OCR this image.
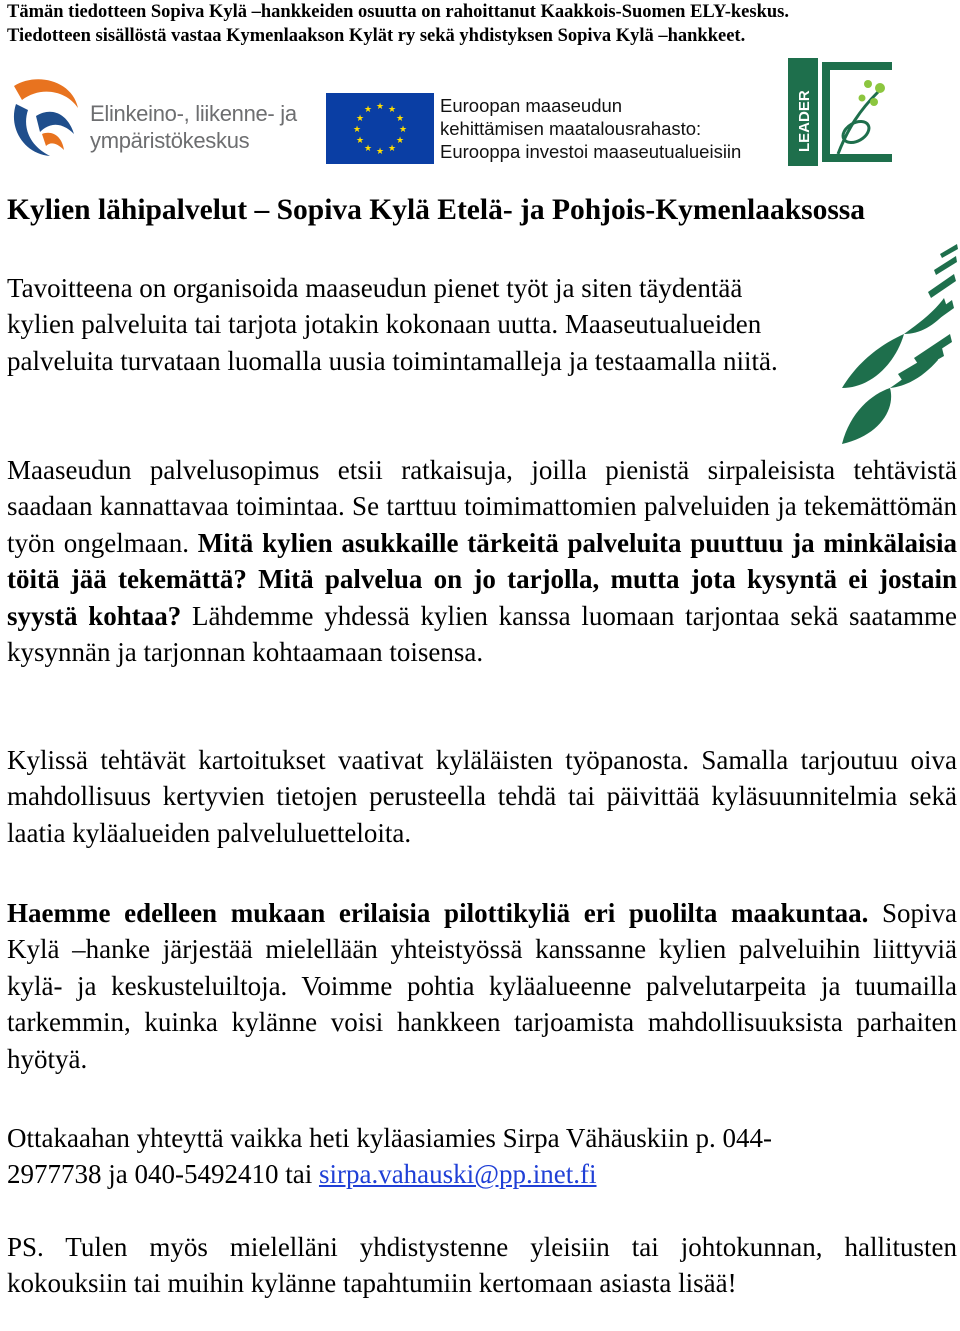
Tämän tiedotteen Sopiva Kylä –hankkeiden osuutta on rahoittanut Kaakkois-Suomen ELY-keskus.
Tiedotteen sisällöstä vastaa Kymenlaakson Kylät ry sekä yhdistyksen Sopiva Kylä –hankkeet.
Elinkeino-, liikenne- ja
ympäristökeskus
★ ★
★
★
★
★
★
★
★
★
★
★	Euroopan maaseudun
kehittämisen maatalousrahasto:
Eurooppa investoi maaseutualueisiin	LEADER
Kylien lähipalvelut – Sopiva Kylä Etelä- ja Pohjois-Kymenlaaksossa

Tavoitteena on organisoida maaseudun pienet työt ja siten täydentää kylien palveluita tai tarjota jotakin kokonaan uutta. Maaseutualueiden palveluita turvataan luomalla uusia toimintamalleja ja testaamalla niitä.

Maaseudun palvelusopimus etsii ratkaisuja, joilla pienistä sirpaleisista tehtävistä saadaan kannattavaa toimintaa. Se tarttuu toimimattomien palveluiden ja tekemättömän työn ongelmaan. Mitä kylien asukkaille tärkeitä palveluita puuttuu ja minkälaisia töitä jää tekemättä? Mitä palvelua on jo tarjolla, mutta jota kysyntä ei jostain syystä kohtaa? Lähdemme yhdessä kylien kanssa luomaan tarjontaa sekä saatamme kysynnän ja tarjonnan kohtaamaan toisensa.

Kylissä tehtävät kartoitukset vaativat kyläläisten työpanosta. Samalla tarjoutuu oiva mahdollisuus kertyvien tietojen perusteella tehdä tai päivittää kyläsuunnitelmia sekä laatia kyläalueiden palveluluetteloita.

Haemme edelleen mukaan erilaisia pilottikyliä eri puolilta maakuntaa. Sopiva Kylä –hanke järjestää mielellään yhteistyössä kanssanne kylien palveluihin liittyviä kylä- ja keskusteluiltoja. Voimme pohtia kyläalueenne palvelutarpeita ja tuumailla tarkemmin, kuinka kylänne voisi hankkeen tarjoamista mahdollisuuksista parhaiten hyötyä.

Ottakaahan yhteyttä vaikka heti kyläasiamies Sirpa Vähäuskiin p. 044-
2977738 ja 040-5492410 tai sirpa.vahauski@pp.inet.fi

PS. Tulen myös mielelläni yhdistystenne yleisiin tai johtokunnan, hallitusten kokouksiin tai muihin kylänne tapahtumiin kertomaan asiasta lisää!
